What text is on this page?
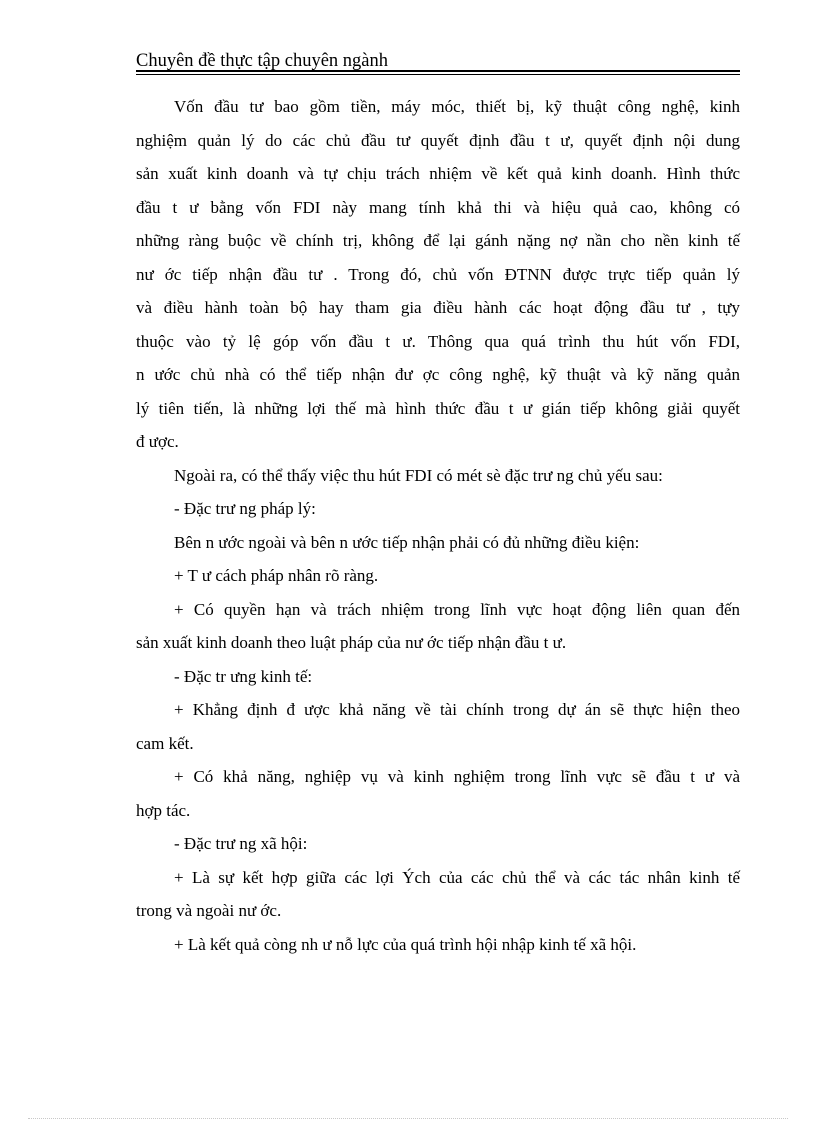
Chuyên đề thực tập chuyên ngành
Vốn đầu tư bao gồm tiền, máy móc, thiết bị, kỹ thuật công nghệ, kinh
nghiệm quản lý do các chủ đầu tư quyết định đầu t ư, quyết định nội dung
sản xuất kinh doanh và tự chịu trách nhiệm về kết quả kinh doanh. Hình thức
đầu t ư bằng vốn FDI này mang tính khả thi và hiệu quả cao, không có
những ràng buộc về chính trị, không để lại gánh nặng nợ nần cho nền kinh tế
nư ớc tiếp nhận đầu tư . Trong đó, chủ vốn ĐTNN được trực tiếp quản lý
và điều hành toàn bộ hay tham gia điều hành các hoạt động đầu tư , tựy
thuộc vào tỷ lệ góp vốn đầu t ư. Thông qua quá trình thu hút vốn FDI,
n ước chủ nhà có thể tiếp nhận đư ợc công nghệ, kỹ thuật và kỹ năng quản
lý tiên tiến, là những lợi thế mà hình thức đầu t ư gián tiếp không giải quyết
đ ược.
Ngoài ra, có thể thấy việc thu hút FDI có mét sè đặc trư ng chủ yếu sau:
- Đặc trư ng pháp lý:
Bên n ước ngoài và bên n ước tiếp nhận phải có đủ những điều kiện:
+ T ư cách pháp nhân rõ ràng.
+ Có quyền hạn và trách nhiệm trong lĩnh vực hoạt động liên quan đến
sản xuất kinh doanh theo luật pháp của nư ớc tiếp nhận đầu t ư.
- Đặc tr ưng kinh tế:
+ Khẳng định đ ược khả năng về tài chính trong dự án sẽ thực hiện theo
cam kết.
+ Có khả năng, nghiệp vụ và kinh nghiệm trong lĩnh vực sẽ đầu t ư và
hợp tác.
- Đặc trư ng xã hội:
+ Là sự kết hợp giữa các lợi Ých của các chủ thể và các tác nhân kinh tế
trong và ngoài nư ớc.
+ Là kết quả còng nh ư nỗ lực của quá trình hội nhập kinh tế xã hội.
